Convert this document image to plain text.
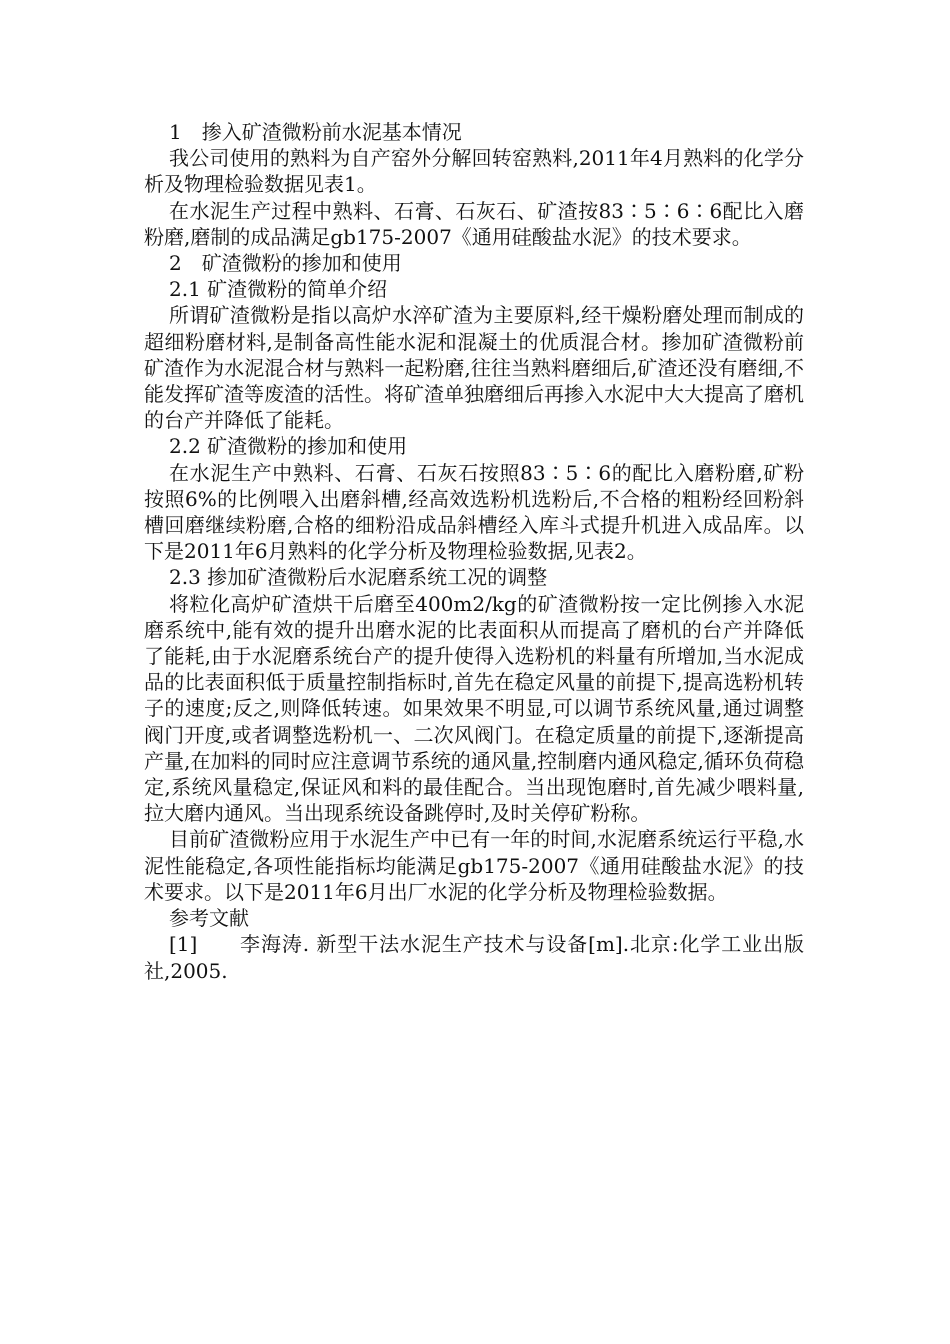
1　掺入矿渣微粉前水泥基本情况

我公司使用的熟料为自产窑外分解回转窑熟料,2011年4月熟料的化学分析及物理检验数据见表1。

在水泥生产过程中熟料、石膏、石灰石、矿渣按83∶5∶6∶6配比入磨粉磨,磨制的成品满足gb175-2007《通用硅酸盐水泥》的技术要求。

2　矿渣微粉的掺加和使用

2.1 矿渣微粉的简单介绍

所谓矿渣微粉是指以高炉水淬矿渣为主要原料,经干燥粉磨处理而制成的超细粉磨材料,是制备高性能水泥和混凝土的优质混合材。掺加矿渣微粉前矿渣作为水泥混合材与熟料一起粉磨,往往当熟料磨细后,矿渣还没有磨细,不能发挥矿渣等废渣的活性。将矿渣单独磨细后再掺入水泥中大大提高了磨机的台产并降低了能耗。

2.2 矿渣微粉的掺加和使用

在水泥生产中熟料、石膏、石灰石按照83∶5∶6的配比入磨粉磨,矿粉按照6%的比例喂入出磨斜槽,经高效选粉机选粉后,不合格的粗粉经回粉斜槽回磨继续粉磨,合格的细粉沿成品斜槽经入库斗式提升机进入成品库。以下是2011年6月熟料的化学分析及物理检验数据,见表2。

2.3 掺加矿渣微粉后水泥磨系统工况的调整

将粒化高炉矿渣烘干后磨至400m2/kg的矿渣微粉按一定比例掺入水泥磨系统中,能有效的提升出磨水泥的比表面积从而提高了磨机的台产并降低了能耗,由于水泥磨系统台产的提升使得入选粉机的料量有所增加,当水泥成品的比表面积低于质量控制指标时,首先在稳定风量的前提下,提高选粉机转子的速度;反之,则降低转速。如果效果不明显,可以调节系统风量,通过调整阀门开度,或者调整选粉机一、二次风阀门。在稳定质量的前提下,逐渐提高产量,在加料的同时应注意调节系统的通风量,控制磨内通风稳定,循环负荷稳定,系统风量稳定,保证风和料的最佳配合。当出现饱磨时,首先减少喂料量,拉大磨内通风。当出现系统设备跳停时,及时关停矿粉称。

目前矿渣微粉应用于水泥生产中已有一年的时间,水泥磨系统运行平稳,水泥性能稳定,各项性能指标均能满足gb175-2007《通用硅酸盐水泥》的技术要求。以下是2011年6月出厂水泥的化学分析及物理检验数据。

参考文献

[1]　　李海涛. 新型干法水泥生产技术与设备[m].北京:化学工业出版社,2005.
